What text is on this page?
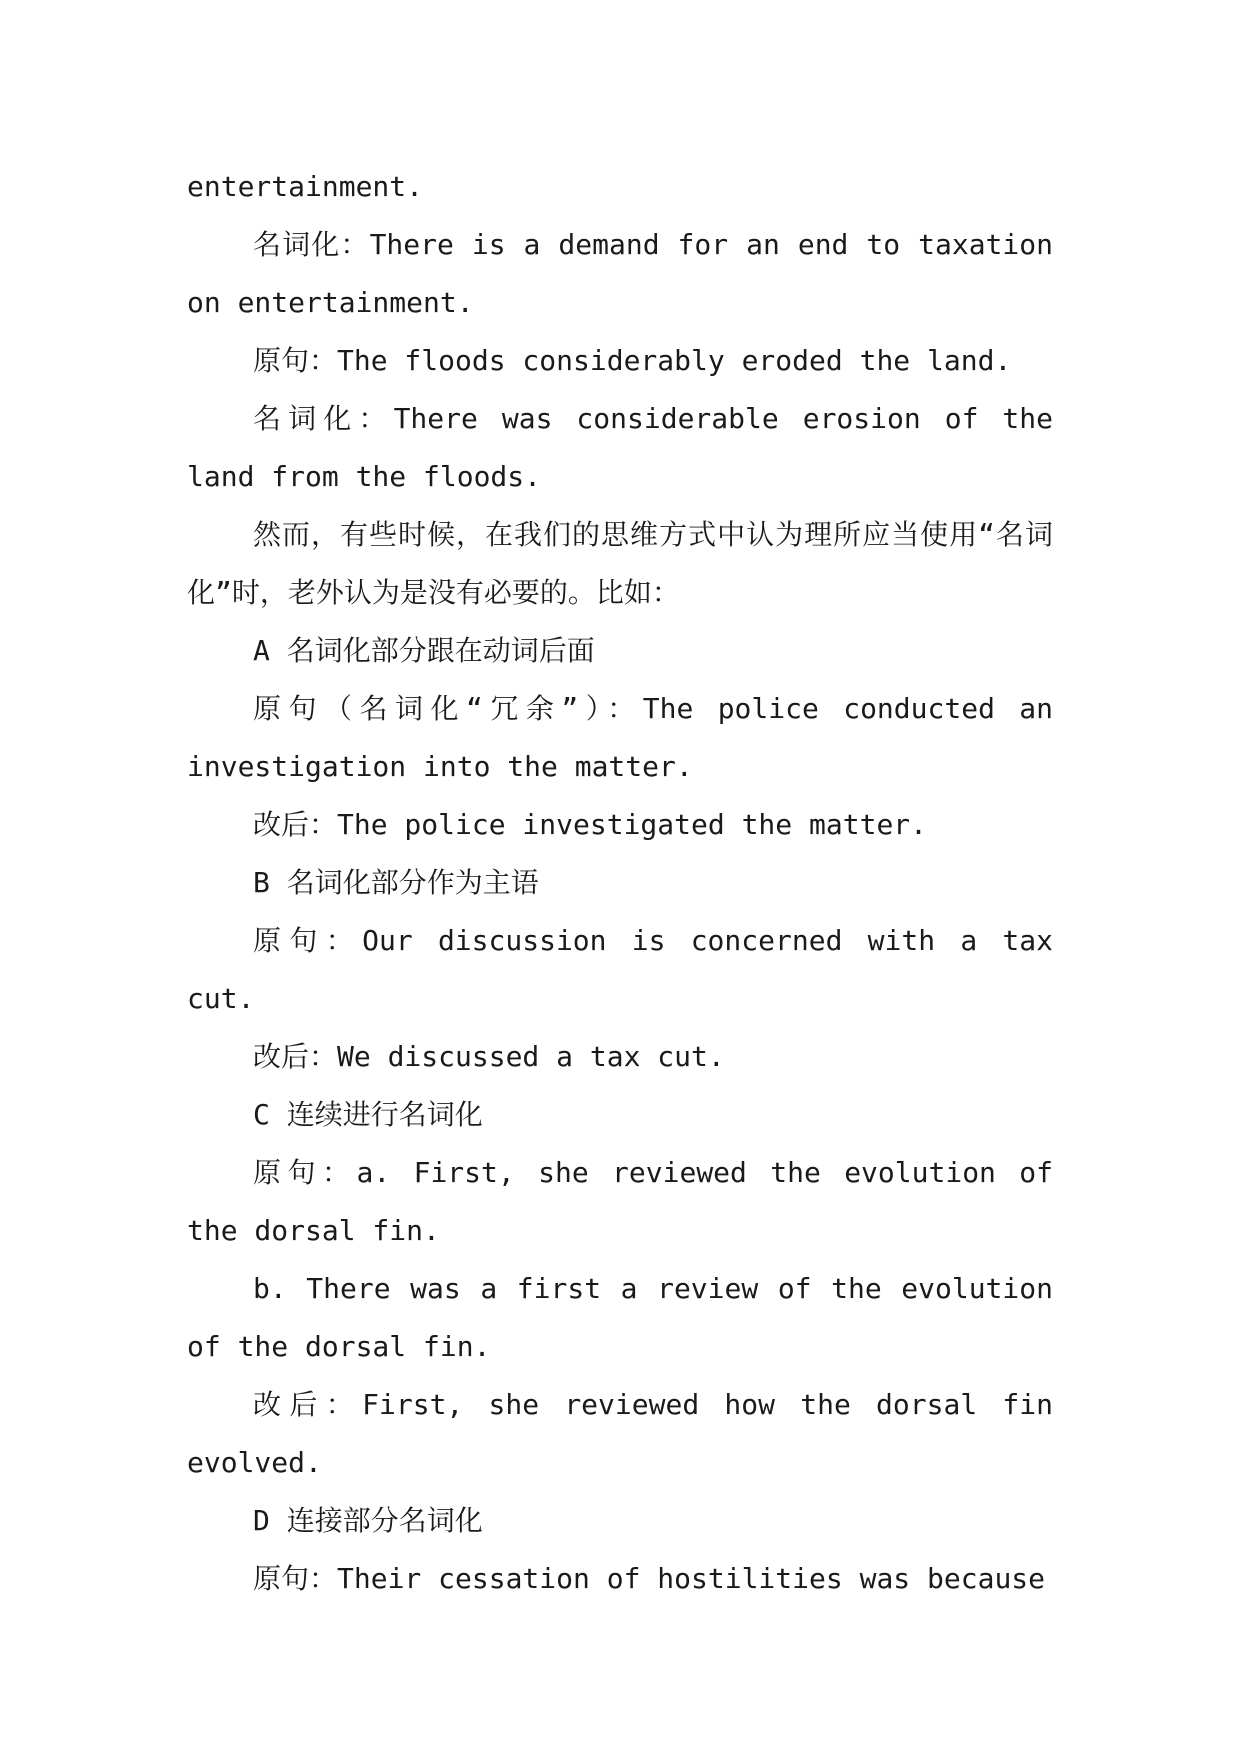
entertainment.

名词化：There is a demand for an end to taxation on entertainment.

原句：The floods considerably eroded the land.

名词化：There was considerable erosion of the land from the floods.

然而，有些时候，在我们的思维方式中认为理所应当使用“名词化”时，老外认为是没有必要的。比如：

A 名词化部分跟在动词后面

原句（名词化“冗余”）：The police conducted an investigation into the matter.

改后：The police investigated the matter.

B 名词化部分作为主语

原句：Our discussion is concerned with a tax cut.

改后：We discussed a tax cut.

C 连续进行名词化

原句：a. First, she reviewed the evolution of the dorsal fin.

b. There was a first a review of the evolution of the dorsal fin.

改后：First, she reviewed how the dorsal fin evolved.

D 连接部分名词化

原句：Their cessation of hostilities was because
